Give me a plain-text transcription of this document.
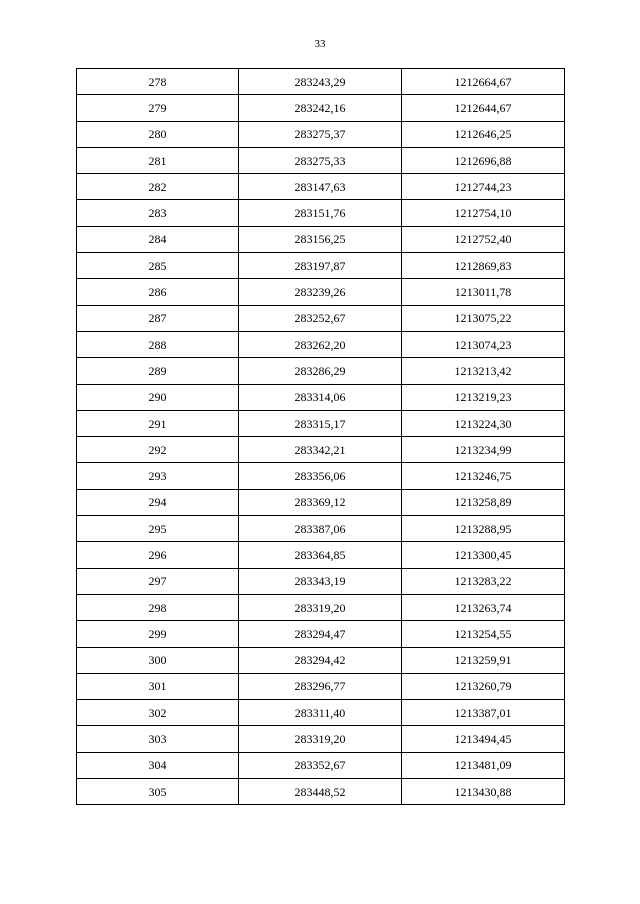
33
278	283243,29	1212664,67
279	283242,16	1212644,67
280	283275,37	1212646,25
281	283275,33	1212696,88
282	283147,63	1212744,23
283	283151,76	1212754,10
284	283156,25	1212752,40
285	283197,87	1212869,83
286	283239,26	1213011,78
287	283252,67	1213075,22
288	283262,20	1213074,23
289	283286,29	1213213,42
290	283314,06	1213219,23
291	283315,17	1213224,30
292	283342,21	1213234,99
293	283356,06	1213246,75
294	283369,12	1213258,89
295	283387,06	1213288,95
296	283364,85	1213300,45
297	283343,19	1213283,22
298	283319,20	1213263,74
299	283294,47	1213254,55
300	283294,42	1213259,91
301	283296,77	1213260,79
302	283311,40	1213387,01
303	283319,20	1213494,45
304	283352,67	1213481,09
305	283448,52	1213430,88
